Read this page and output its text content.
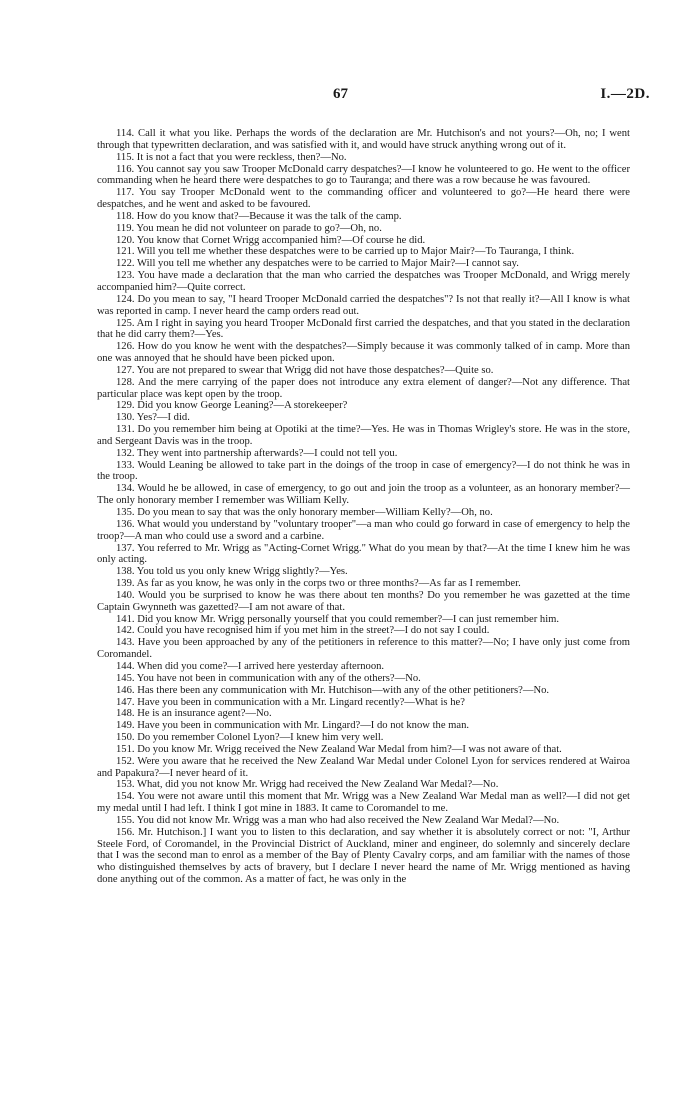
67	I.—2D.

114. Call it what you like. Perhaps the words of the declaration are Mr. Hutchison's and not yours?—Oh, no; I went through that typewritten declaration, and was satisfied with it, and would have struck anything wrong out of it.

115. It is not a fact that you were reckless, then?—No.

116. You cannot say you saw Trooper McDonald carry despatches?—I know he volunteered to go. He went to the officer commanding when he heard there were despatches to go to Tauranga; and there was a row because he was favoured.

117. You say Trooper McDonald went to the commanding officer and volunteered to go?—He heard there were despatches, and he went and asked to be favoured.

118. How do you know that?—Because it was the talk of the camp.

119. You mean he did not volunteer on parade to go?—Oh, no.

120. You know that Cornet Wrigg accompanied him?—Of course he did.

121. Will you tell me whether these despatches were to be carried up to Major Mair?—To Tauranga, I think.

122. Will you tell me whether any despatches were to be carried to Major Mair?—I cannot say.

123. You have made a declaration that the man who carried the despatches was Trooper McDonald, and Wrigg merely accompanied him?—Quite correct.

124. Do you mean to say, "I heard Trooper McDonald carried the despatches"? Is not that really it?—All I know is what was reported in camp. I never heard the camp orders read out.

125. Am I right in saying you heard Trooper McDonald first carried the despatches, and that you stated in the declaration that he did carry them?—Yes.

126. How do you know he went with the despatches?—Simply because it was commonly talked of in camp. More than one was annoyed that he should have been picked upon.

127. You are not prepared to swear that Wrigg did not have those despatches?—Quite so.

128. And the mere carrying of the paper does not introduce any extra element of danger?—Not any difference. That particular place was kept open by the troop.

129. Did you know George Leaning?—A storekeeper?

130. Yes?—I did.

131. Do you remember him being at Opotiki at the time?—Yes. He was in Thomas Wrigley's store. He was in the store, and Sergeant Davis was in the troop.

132. They went into partnership afterwards?—I could not tell you.

133. Would Leaning be allowed to take part in the doings of the troop in case of emergency?—I do not think he was in the troop.

134. Would he be allowed, in case of emergency, to go out and join the troop as a volunteer, as an honorary member?—The only honorary member I remember was William Kelly.

135. Do you mean to say that was the only honorary member—William Kelly?—Oh, no.

136. What would you understand by "voluntary trooper"—a man who could go forward in case of emergency to help the troop?—A man who could use a sword and a carbine.

137. You referred to Mr. Wrigg as "Acting-Cornet Wrigg." What do you mean by that?—At the time I knew him he was only acting.

138. You told us you only knew Wrigg slightly?—Yes.

139. As far as you know, he was only in the corps two or three months?—As far as I remember.

140. Would you be surprised to know he was there about ten months? Do you remember he was gazetted at the time Captain Gwynneth was gazetted?—I am not aware of that.

141. Did you know Mr. Wrigg personally yourself that you could remember?—I can just remember him.

142. Could you have recognised him if you met him in the street?—I do not say I could.

143. Have you been approached by any of the petitioners in reference to this matter?—No; I have only just come from Coromandel.

144. When did you come?—I arrived here yesterday afternoon.

145. You have not been in communication with any of the others?—No.

146. Has there been any communication with Mr. Hutchison—with any of the other petitioners?—No.

147. Have you been in communication with a Mr. Lingard recently?—What is he?

148. He is an insurance agent?—No.

149. Have you been in communication with Mr. Lingard?—I do not know the man.

150. Do you remember Colonel Lyon?—I knew him very well.

151. Do you know Mr. Wrigg received the New Zealand War Medal from him?—I was not aware of that.

152. Were you aware that he received the New Zealand War Medal under Colonel Lyon for services rendered at Wairoa and Papakura?—I never heard of it.

153. What, did you not know Mr. Wrigg had received the New Zealand War Medal?—No.

154. You were not aware until this moment that Mr. Wrigg was a New Zealand War Medal man as well?—I did not get my medal until I had left. I think I got mine in 1883. It came to Coromandel to me.

155. You did not know Mr. Wrigg was a man who had also received the New Zealand War Medal?—No.

156. Mr. Hutchison.] I want you to listen to this declaration, and say whether it is absolutely correct or not: "I, Arthur Steele Ford, of Coromandel, in the Provincial District of Auckland, miner and engineer, do solemnly and sincerely declare that I was the second man to enrol as a member of the Bay of Plenty Cavalry corps, and am familiar with the names of those who distinguished themselves by acts of bravery, but I declare I never heard the name of Mr. Wrigg mentioned as having done anything out of the common. As a matter of fact, he was only in the
